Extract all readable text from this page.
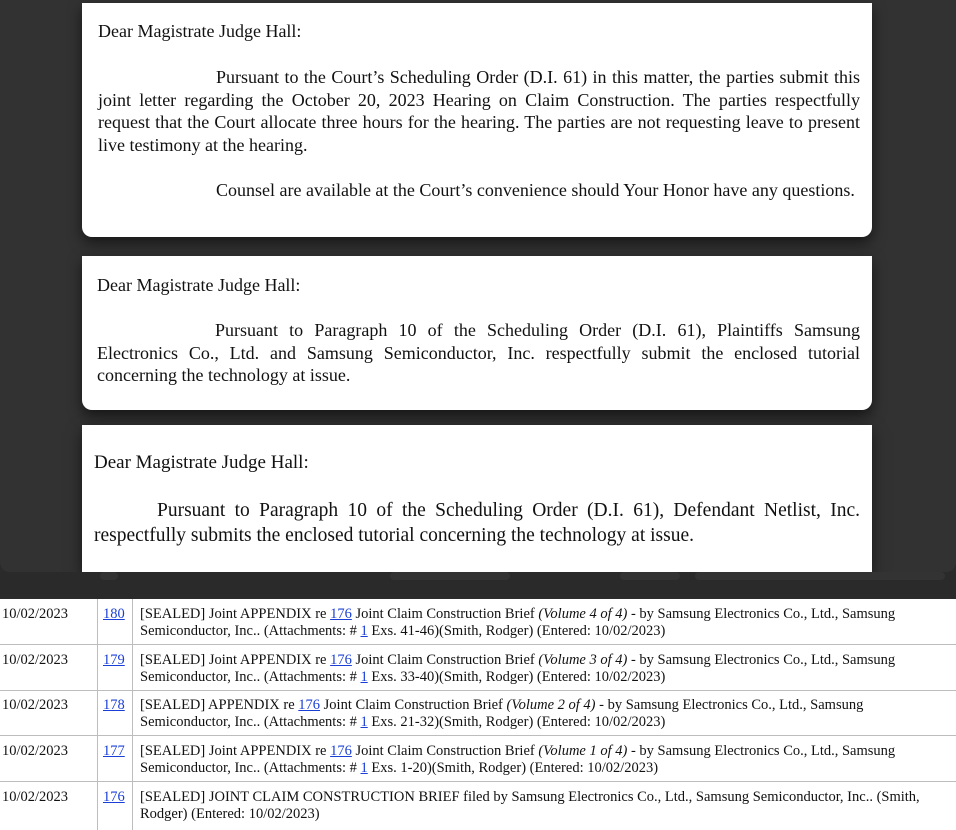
Dear Magistrate Judge Hall:
Pursuant to the Court’s Scheduling Order (D.I. 61) in this matter, the parties submit this joint letter regarding the October 20, 2023 Hearing on Claim Construction. The parties respectfully request that the Court allocate three hours for the hearing. The parties are not requesting leave to present live testimony at the hearing.
Counsel are available at the Court’s convenience should Your Honor have any questions.
Dear Magistrate Judge Hall:
Pursuant to Paragraph 10 of the Scheduling Order (D.I. 61), Plaintiffs Samsung Electronics Co., Ltd. and Samsung Semiconductor, Inc. respectfully submit the enclosed tutorial concerning the technology at issue.
Dear Magistrate Judge Hall:
Pursuant to Paragraph 10 of the Scheduling Order (D.I. 61), Defendant Netlist, Inc. respectfully submits the enclosed tutorial concerning the technology at issue.
10/02/2023 180 [SEALED] Joint APPENDIX re 176 Joint Claim Construction Brief (Volume 4 of 4) - by Samsung Electronics Co., Ltd., Samsung Semiconductor, Inc.. (Attachments: # 1 Exs. 41-46)(Smith, Rodger) (Entered: 10/02/2023)
10/02/2023 179 [SEALED] Joint APPENDIX re 176 Joint Claim Construction Brief (Volume 3 of 4) - by Samsung Electronics Co., Ltd., Samsung Semiconductor, Inc.. (Attachments: # 1 Exs. 33-40)(Smith, Rodger) (Entered: 10/02/2023)
10/02/2023 178 [SEALED] APPENDIX re 176 Joint Claim Construction Brief (Volume 2 of 4) - by Samsung Electronics Co., Ltd., Samsung Semiconductor, Inc.. (Attachments: # 1 Exs. 21-32)(Smith, Rodger) (Entered: 10/02/2023)
10/02/2023 177 [SEALED] Joint APPENDIX re 176 Joint Claim Construction Brief (Volume 1 of 4) - by Samsung Electronics Co., Ltd., Samsung Semiconductor, Inc.. (Attachments: # 1 Exs. 1-20)(Smith, Rodger) (Entered: 10/02/2023)
10/02/2023 176 [SEALED] JOINT CLAIM CONSTRUCTION BRIEF filed by Samsung Electronics Co., Ltd., Samsung Semiconductor, Inc.. (Smith, Rodger) (Entered: 10/02/2023)
